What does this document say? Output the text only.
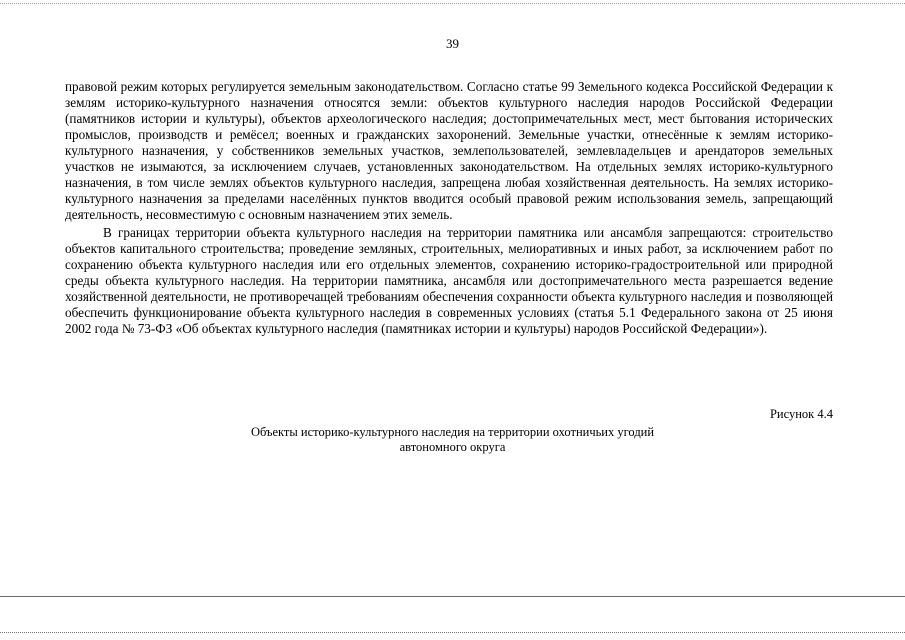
39

правовой режим которых регулируется земельным законодательством. Согласно статье 99 Земельного кодекса Российской Федерации к землям историко-культурного назначения относятся земли: объектов культурного наследия народов Российской Федерации (памятников истории и культуры), объектов археологического наследия; достопримечательных мест, мест бытования исторических промыслов, производств и ремёсел; военных и гражданских захоронений. Земельные участки, отнесённые к землям историко-культурного назначения, у собственников земельных участков, землепользователей, землевладельцев и арендаторов земельных участков не изымаются, за исключением случаев, установленных законодательством. На отдельных землях историко-культурного назначения, в том числе землях объектов культурного наследия, запрещена любая хозяйственная деятельность. На землях историко-культурного назначения за пределами населённых пунктов вводится особый правовой режим использования земель, запрещающий деятельность, несовместимую с основным назначением этих земель.

В границах территории объекта культурного наследия на территории памятника или ансамбля запрещаются: строительство объектов капитального строительства; проведение земляных, строительных, мелиоративных и иных работ, за исключением работ по сохранению объекта культурного наследия или его отдельных элементов, сохранению историко-градостроительной или природной среды объекта культурного наследия. На территории памятника, ансамбля или достопримечательного места разрешается ведение хозяйственной деятельности, не противоречащей требованиям обеспечения сохранности объекта культурного наследия и позволяющей обеспечить функционирование объекта культурного наследия в современных условиях (статья 5.1 Федерального закона от 25 июня 2002 года № 73-ФЗ «Об объектах культурного наследия (памятниках истории и культуры) народов Российской Федерации»).

Рисунок 4.4
Объекты историко-культурного наследия на территории охотничьих угодий
автономного округа
